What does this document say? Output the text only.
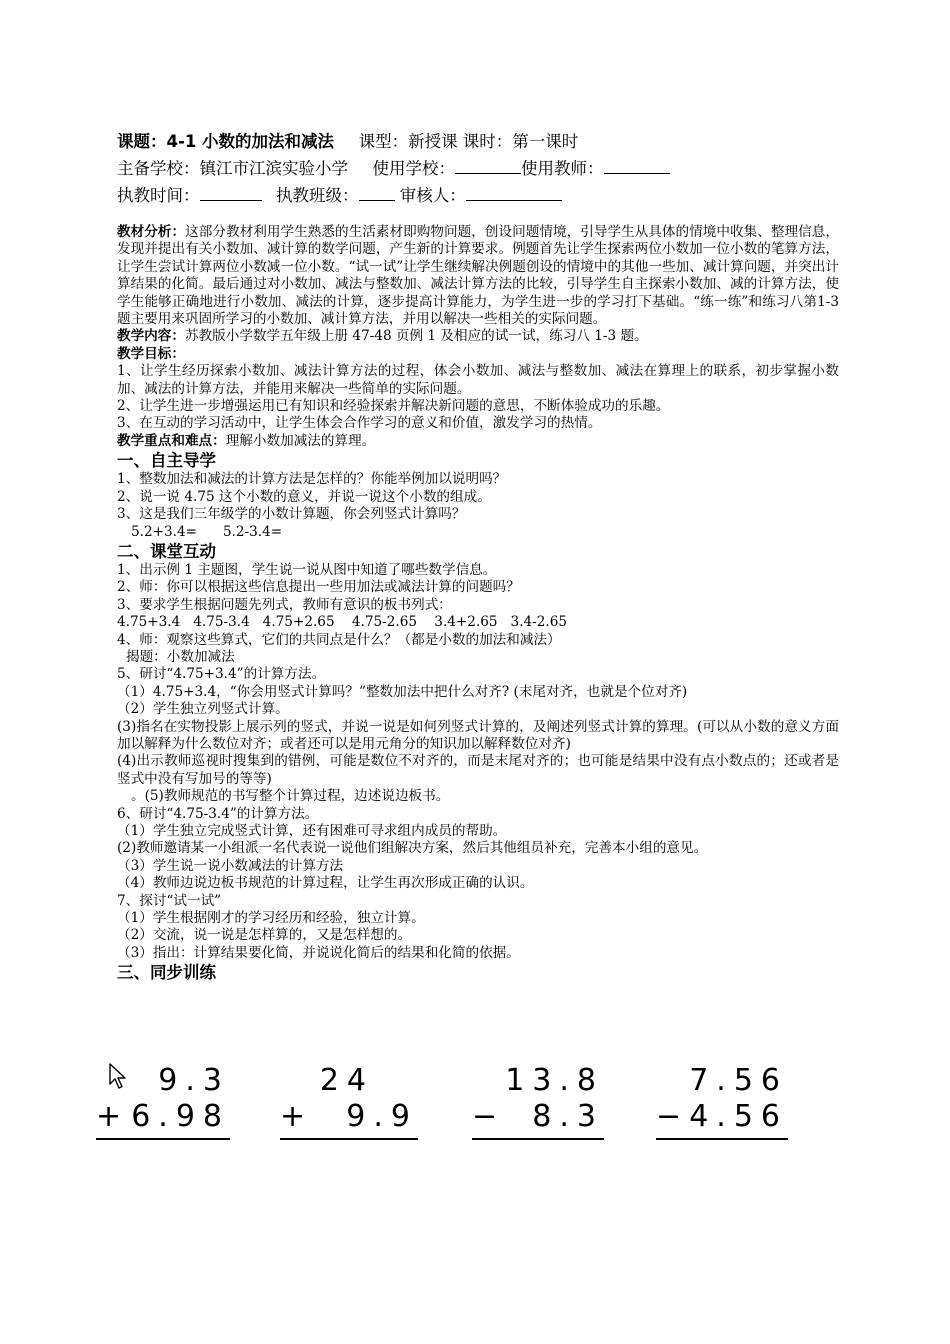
课题：4-1 小数的加法和减法 课型：新授课 课时：第一课时
主备学校：镇江市江滨实验小学 使用学校：	使用教师：
执教时间：	执教班级：	审核人：

教材分析：这部分教材利用学生熟悉的生活素材即购物问题，创设问题情境，引导学生从具体的情境中收集、整理信息，发现并提出有关小数加、减计算的数学问题，产生新的计算要求。例题首先让学生探索两位小数加一位小数的笔算方法，让学生尝试计算两位小数减一位小数。“试一试”让学生继续解决例题创设的情境中的其他一些加、减计算问题，并突出计算结果的化简。最后通过对小数加、减法与整数加、减法计算方法的比较，引导学生自主探索小数加、减的计算方法，使学生能够正确地进行小数加、减法的计算，逐步提高计算能力，为学生进一步的学习打下基础。“练一练”和练习八第1-3题主要用来巩固所学习的小数加、减计算方法，并用以解决一些相关的实际问题。

教学内容：苏教版小学数学五年级上册 47-48 页例 1 及相应的试一试，练习八 1-3 题。

教学目标：

1、让学生经历探索小数加、减法计算方法的过程，体会小数加、减法与整数加、减法在算理上的联系，初步掌握小数加、减法的计算方法，并能用来解决一些简单的实际问题。

2、让学生进一步增强运用已有知识和经验探索并解决新问题的意思，不断体验成功的乐趣。

3、在互动的学习活动中，让学生体会合作学习的意义和价值，激发学习的热情。

教学重点和难点：理解小数加减法的算理。

一、自主导学

1、整数加法和减法的计算方法是怎样的？你能举例加以说明吗？

2、说一说 4.75 这个小数的意义，并说一说这个小数的组成。

3、这是我们三年级学的小数计算题，你会列竖式计算吗？

5.2+3.4=      5.2-3.4=

二、课堂互动

1、出示例 1 主题图，学生说一说从图中知道了哪些数学信息。

2、师：你可以根据这些信息提出一些用加法或减法计算的问题吗？

3、要求学生根据问题先列式，教师有意识的板书列式：

4.75+3.4   4.75-3.4   4.75+2.65    4.75-2.65    3.4+2.65   3.4-2.65

4、师：观察这些算式，它们的共同点是什么？（都是小数的加法和减法）

揭题：小数加减法

5、研讨“4.75+3.4”的计算方法。

（1）4.75+3.4，“你会用竖式计算吗？”整数加法中把什么对齐? (末尾对齐，也就是个位对齐)

（2）学生独立列竖式计算。

(3)指名在实物投影上展示列的竖式，并说一说是如何列竖式计算的，及阐述列竖式计算的算理。(可以从小数的意义方面加以解释为什么数位对齐；或者还可以是用元角分的知识加以解释数位对齐)

(4)出示教师巡视时搜集到的错例，可能是数位不对齐的，而是末尾对齐的；也可能是结果中没有点小数点的；还或者是竖式中没有写加号的等等)

。(5)教师规范的书写整个计算过程，边述说边板书。

6、研讨“4.75-3.4”的计算方法。

（1）学生独立完成竖式计算，还有困难可寻求组内成员的帮助。

(2)教师邀请某一小组派一名代表说一说他们组解决方案，然后其他组员补充，完善本小组的意见。

（3）学生说一说小数减法的计算方法

（4）教师边说边板书规范的计算过程，让学生再次形成正确的认识。

7、探讨“试一试”

（1）学生根据刚才的学习经历和经验，独立计算。

（2）交流，说一说是怎样算的，又是怎样想的。

（3）指出：计算结果要化简，并说说化简后的结果和化简的依据。

三、同步训练

9.3
+ 6.98
24
+ 9.9
13.8
− 8.3
7.56
− 4.56
